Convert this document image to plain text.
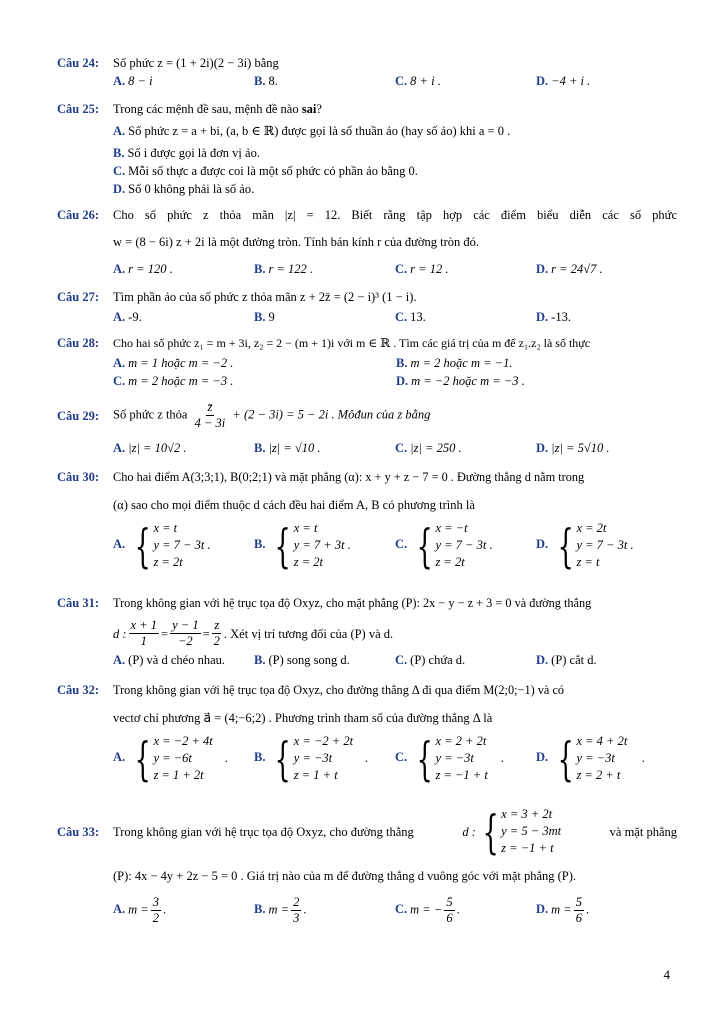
Câu 24:	Số phức z = (1 + 2i)(2 − 3i) bằng
A. 8 − i	B. 8.	C. 8 + i .	D. −4 + i .
Câu 25:	Trong các mệnh đề sau, mệnh đề nào sai?
A. Số phức z = a + bi, (a, b ∈ ℝ) được gọi là số thuần ảo (hay số ảo) khi a = 0 .
B. Số i được gọi là đơn vị ảo.
C. Mỗi số thực a được coi là một số phức có phần ảo bằng 0.
D. Số 0 không phải là số ảo.
Câu 26:	Cho số phức z thỏa mãn |z| = 12. Biết rằng tập hợp các điểm biểu diễn các số phức
w = (8 − 6i) z + 2i là một đường tròn. Tính bán kính r của đường tròn đó.
A. r = 120 .	B. r = 122 .	C. r = 12 .	D. r = 24√7 .
Câu 27:	Tìm phần ảo của số phức z thỏa mãn z + 2z̄ = (2 − i)³ (1 − i).
A. -9.	B. 9	C. 13.	D. -13.
Câu 28:	Cho hai số phức z₁ = m + 3i, z₂ = 2 − (m + 1)i với m ∈ ℝ . Tìm các giá trị của m để z₁.z₂ là số thực
A. m = 1 hoặc m = −2 .	B. m = 2 hoặc m = −1.
C. m = 2 hoặc m = −3 .	D. m = −2 hoặc m = −3 .
Câu 29:	Số phức z thỏa $\frac{z̄}{4 - 3i} + (2 - 3i) = 5 - 2i$ . Môđun của z bằng
A. |z| = 10√2 .	B. |z| = √10 .	C. |z| = 250 .	D. |z| = 5√10 .
Câu 30:	Cho hai điểm A(3;3;1), B(0;2;1) và mặt phẳng (α): x + y + z − 7 = 0 . Đường thẳng d nằm trong
(α) sao cho mọi điểm thuộc d cách đều hai điểm A, B có phương trình là
A. { x = t
y = 7 − 3t .
z = 2t
B. { x = t
y = 7 + 3t .
z = 2t
C. { x = −t
y = 7 − 3t .
z = 2t
D. { x = 2t
y = 7 − 3t .
z = t
Câu 31:	Trong không gian với hệ trục tọa độ Oxyz, cho mặt phẳng (P): 2x − y − z + 3 = 0 và đường thẳng
d : $\frac{x + 1}{1} = \frac{y - 1}{-2} = \frac{z}{2}$ . Xét vị trí tương đối của (P) và d.
A. (P) và d chéo nhau.	B. (P) song song d.	C. (P) chứa d.	D. (P) cắt d.
Câu 32:	Trong không gian với hệ trục tọa độ Oxyz, cho đường thẳng Δ đi qua điểm M(2;0;−1) và có
vectơ chỉ phương a⃗ = (4;−6;2) . Phương trình tham số của đường thẳng Δ là
A. { x = −2 + 4t
y = −6t	.
z = 1 + 2t
B. { x = −2 + 2t
y = −3t	.
z = 1 + t
C. { x = 2 + 2t
y = −3t .
z = −1 + t
D. { x = 4 + 2t
y = −3t .
z = 2 + t
Câu 33:	Trong không gian với hệ trục tọa độ Oxyz, cho đường thẳng	d : { x = 3 + 2t
y = 5 − 3mt
z = −1 + t
và mặt phẳng
(P): 4x − 4y + 2z − 5 = 0 . Giá trị nào của m để đường thẳng d vuông góc với mặt phẳng (P).
A. $m = \frac{3}{2}$ .	B. $m = \frac{2}{3}$ .	C. m = − $\frac{5}{6}$ .	D. $m = \frac{5}{6}$ .
4
